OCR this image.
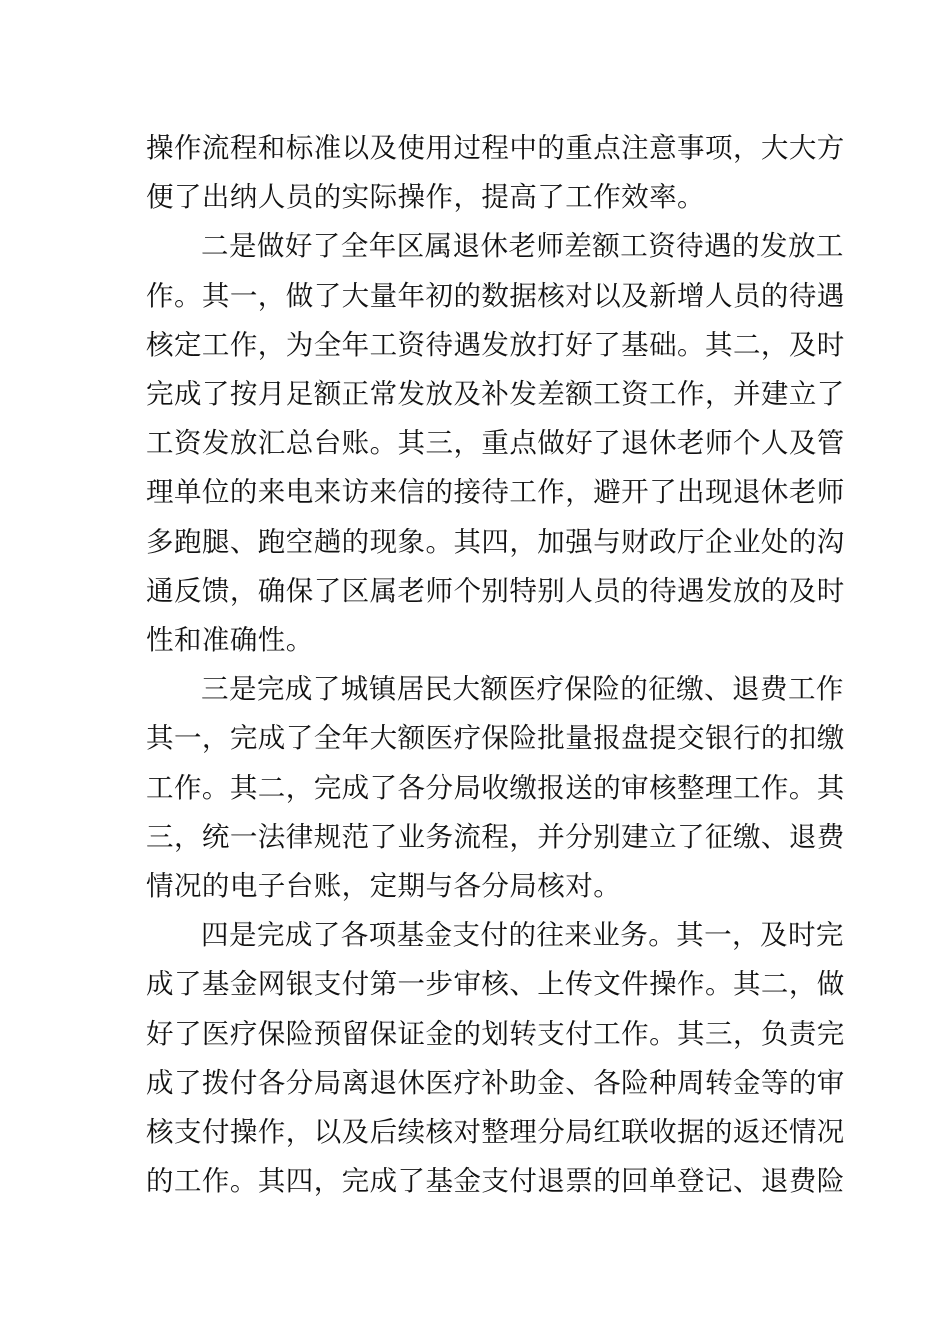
操作流程和标准以及使用过程中的重点注意事项，大大方
便了出纳人员的实际操作，提高了工作效率。

二是做好了全年区属退休老师差额工资待遇的发放工
作。其一，做了大量年初的数据核对以及新增人员的待遇
核定工作，为全年工资待遇发放打好了基础。其二，及时
完成了按月足额正常发放及补发差额工资工作，并建立了
工资发放汇总台账。其三，重点做好了退休老师个人及管
理单位的来电来访来信的接待工作，避开了出现退休老师
多跑腿、跑空趟的现象。其四，加强与财政厅企业处的沟
通反馈，确保了区属老师个别特别人员的待遇发放的及时
性和准确性。

三是完成了城镇居民大额医疗保险的征缴、退费工作
其一，完成了全年大额医疗保险批量报盘提交银行的扣缴
工作。其二，完成了各分局收缴报送的审核整理工作。其
三，统一法律规范了业务流程，并分别建立了征缴、退费
情况的电子台账，定期与各分局核对。

四是完成了各项基金支付的往来业务。其一，及时完
成了基金网银支付第一步审核、上传文件操作。其二，做
好了医疗保险预留保证金的划转支付工作。其三，负责完
成了拨付各分局离退休医疗补助金、各险种周转金等的审
核支付操作，以及后续核对整理分局红联收据的返还情况
的工作。其四，完成了基金支付退票的回单登记、退费险
